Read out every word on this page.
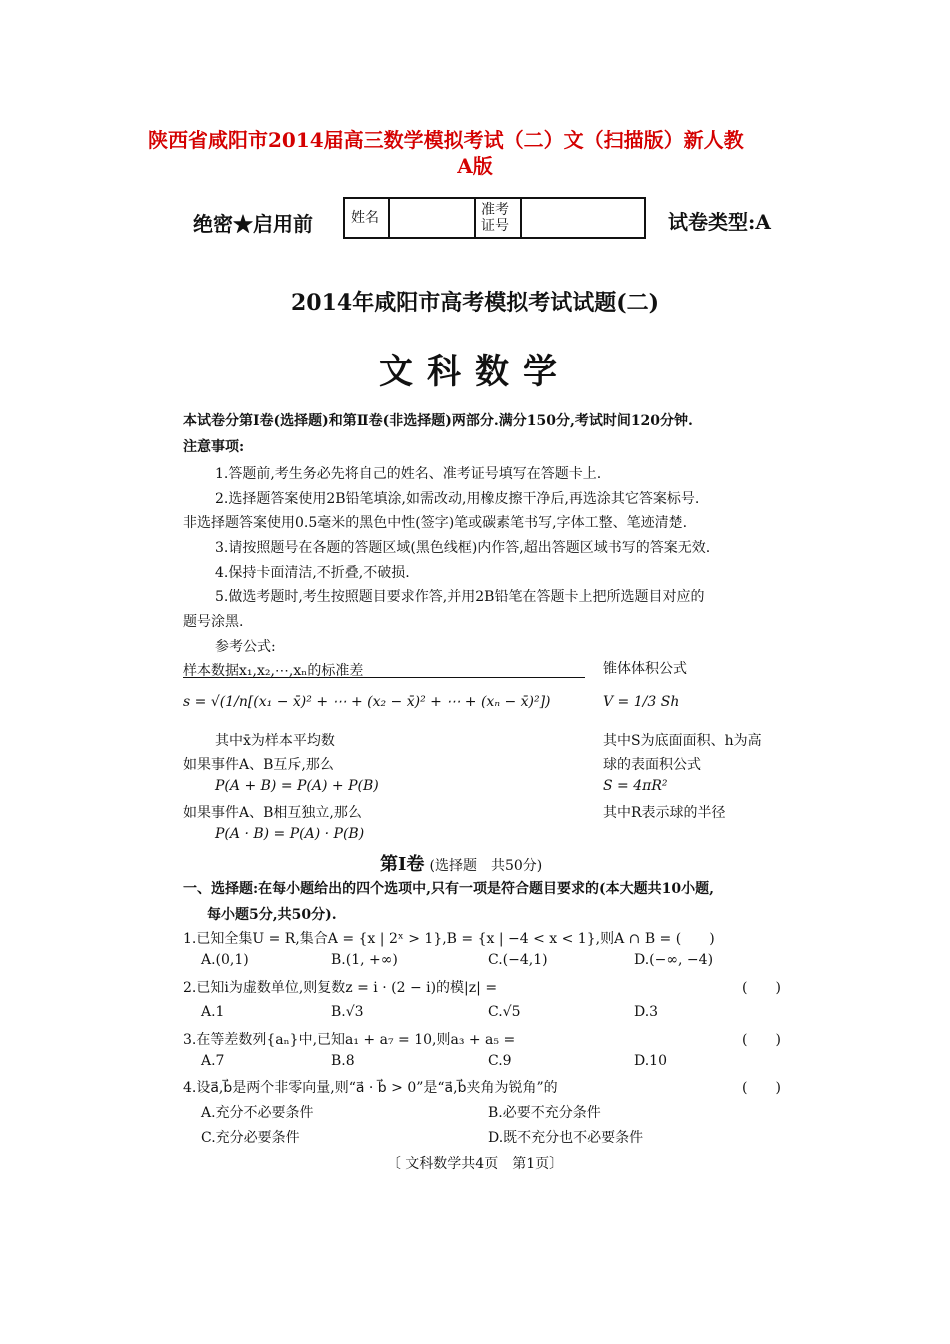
陕西省咸阳市2014届高三数学模拟考试（二）文（扫描版）新人教
A版
绝密★启用前	姓名	准考
证号	试卷类型:A
2014年咸阳市高考模拟考试试题(二)
文科数学
本试卷分第Ⅰ卷(选择题)和第Ⅱ卷(非选择题)两部分.满分150分,考试时间120分钟.
注意事项:
1.答题前,考生务必先将自己的姓名、准考证号填写在答题卡上.
2.选择题答案使用2B铅笔填涂,如需改动,用橡皮擦干净后,再选涂其它答案标号.
非选择题答案使用0.5毫米的黑色中性(签字)笔或碳素笔书写,字体工整、笔迹清楚.
3.请按照题号在各题的答题区域(黑色线框)内作答,超出答题区域书写的答案无效.
4.保持卡面清洁,不折叠,不破损.
5.做选考题时,考生按照题目要求作答,并用2B铅笔在答题卡上把所选题目对应的
题号涂黑.
参考公式:
样本数据x₁,x₂,⋯,xₙ的标准差
s = √(1/n[(x₁ − x̄)² + ⋯ + (x₂ − x̄)² + ⋯ + (xₙ − x̄)²])
其中x̄为样本平均数
如果事件A、B互斥,那么
P(A + B) = P(A) + P(B)
如果事件A、B相互独立,那么
P(A · B) = P(A) · P(B)
锥体体积公式
V = 1/3 Sh
其中S为底面面积、h为高
球的表面积公式
S = 4πR²
其中R表示球的半径
第Ⅰ卷 (选择题　共50分)
一、选择题:在每小题给出的四个选项中,只有一项是符合题目要求的(本大题共10小题,
每小题5分,共50分).
1.已知全集U = R,集合A = {x | 2ˣ > 1},B = {x | −4 < x < 1},则A ∩ B = (　　)
A.(0,1)	B.(1, +∞)	C.(−4,1)	D.(−∞, −4)
2.已知i为虚数单位,则复数z = i · (2 − i)的模|z| =	(　　)
A.1	B.√3	C.√5	D.3
3.在等差数列{aₙ}中,已知a₁ + a₇ = 10,则a₃ + a₅ =	(　　)
A.7	B.8	C.9	D.10
4.设a⃗,b⃗是两个非零向量,则“a⃗ · b⃗ > 0”是“a⃗,b⃗夹角为锐角”的	(　　)
A.充分不必要条件	B.必要不充分条件
C.充分必要条件	D.既不充分也不必要条件
〔 文科数学共4页　第1页〕
